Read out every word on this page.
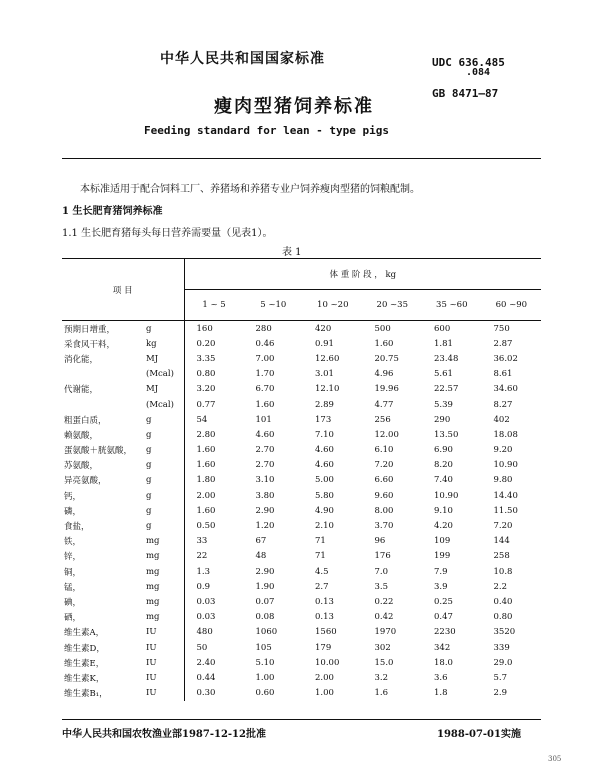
中华人民共和国国家标准	UDC 636.485
.084
GB 8471—87
瘦肉型猪饲养标准
Feeding standard for lean - type pigs
本标准适用于配合饲料工厂、养猪场和养猪专业户饲养瘦肉型猪的饲粮配制。
1 生长肥育猪饲养标准
1.1 生长肥育猪每头每日营养需要量（见表1）。
表 1
项 目		体 重 阶 段 ， kg					
		1 ~ 5	5 ~10	10 ~20	20 ~35	35 ~60	60 ~90
预期日增重，	g	160	280	420	500	600	750
采食风干料，	kg	0.20	0.46	0.91	1.60	1.81	2.87
消化能，	MJ	3.35	7.00	12.60	20.75	23.48	36.02
	(Mcal)	0.80	1.70	3.01	4.96	5.61	8.61
代谢能，	MJ	3.20	6.70	12.10	19.96	22.57	34.60
	(Mcal)	0.77	1.60	2.89	4.77	5.39	8.27
粗蛋白质，	g	54	101	173	256	290	402
赖氨酸，	g	2.80	4.60	7.10	12.00	13.50	18.08
蛋氨酸＋胱氨酸，	g	1.60	2.70	4.60	6.10	6.90	9.20
苏氨酸，	g	1.60	2.70	4.60	7.20	8.20	10.90
异亮氨酸，	g	1.80	3.10	5.00	6.60	7.40	9.80
钙，	g	2.00	3.80	5.80	9.60	10.90	14.40
磷，	g	1.60	2.90	4.90	8.00	9.10	11.50
食盐，	g	0.50	1.20	2.10	3.70	4.20	7.20
铁，	mg	33	67	71	96	109	144
锌，	mg	22	48	71	176	199	258
铜，	mg	1.3	2.90	4.5	7.0	7.9	10.8
锰，	mg	0.9	1.90	2.7	3.5	3.9	2.2
碘，	mg	0.03	0.07	0.13	0.22	0.25	0.40
硒，	mg	0.03	0.08	0.13	0.42	0.47	0.80
维生素A，	IU	480	1060	1560	1970	2230	3520
维生素D，	IU	50	105	179	302	342	339
维生素E，	IU	2.40	5.10	10.00	15.0	18.0	29.0
维生素K，	IU	0.44	1.00	2.00	3.2	3.6	5.7
维生素B₁，	IU	0.30	0.60	1.00	1.6	1.8	2.9
中华人民共和国农牧渔业部1987-12-12批准	1988-07-01实施
305
